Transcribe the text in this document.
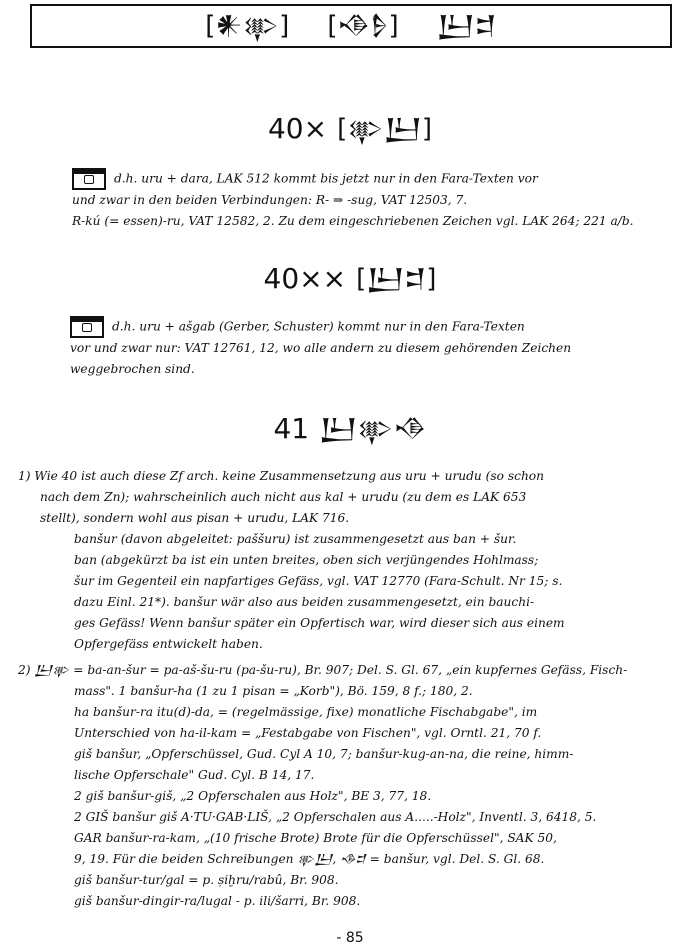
[𒀭𒉀] [𒈾𒊩] 𒌨𒄑
40× [𒉀𒌨]

d.h. uru + dara, LAK 512 kommt bis jetzt nur in den Fara-Texten vor

und zwar in den beiden Verbindungen: R- ⇒ -sug, VAT 12503, 7.

R-kú (= essen)-ru, VAT 12582, 2. Zu dem eingeschriebenen Zeichen vgl. LAK 264; 221 a/b.

40×× [𒌨𒄑]

d.h. uru + ašgab (Gerber, Schuster) kommt nur in den Fara-Texten

vor und zwar nur: VAT 12761, 12, wo alle andern zu diesem gehörenden Zeichen

weggebrochen sind.

41 𒌨𒉀𒈾

1) Wie 40 ist auch diese Zf arch. keine Zusammensetzung aus uru + urudu (so schon

nach dem Zn); wahrscheinlich auch nicht aus kal + urudu (zu dem es LAK 653

stellt), sondern wohl aus pisan + urudu, LAK 716.

banšur (davon abgeleitet: paššuru) ist zusammengesetzt aus ban + šur.

ban (abgekürzt ba ist ein unten breites, oben sich verjüngendes Hohlmass;

šur im Gegenteil ein napfartiges Gefäss, vgl. VAT 12770 (Fara-Schult. Nr 15; s.

dazu Einl. 21*). banšur wär also aus beiden zusammengesetzt, ein bauchi-

ges Gefäss! Wenn banšur später ein Opfertisch war, wird dieser sich aus einem

Opfergefäss entwickelt haben.

2) 𒌨𒉀 = ba-an-šur = pa-aš-šu-ru (pa-šu-ru), Br. 907; Del. S. Gl. 67, „ein kupfernes Gefäss, Fisch-

mass". 1 banšur-ha (1 zu 1 pisan = „Korb"), Bö. 159, 8 f.; 180, 2.

ha banšur-ra itu(d)-da, = (regelmässige, fixe) monatliche Fischabgabe", im

Unterschied von ha-il-kam = „Festabgabe von Fischen", vgl. Orntl. 21, 70 f.

giš banšur, „Opferschüssel, Gud. Cyl A 10, 7; banšur-kug-an-na, die reine, himm-

lische Opferschale" Gud. Cyl. B 14, 17.

2 giš banšur-giš, „2 Opferschalen aus Holz", BE 3, 77, 18.

2 GIŠ banšur giš A·TU·GAB·LIŠ, „2 Opferschalen aus A.....-Holz", Inventl. 3, 6418, 5.

GAR banšur-ra-kam, „(10 frische Brote) Brote für die Opferschüssel", SAK 50,

9, 19. Für die beiden Schreibungen 𒉀𒌨, 𒈾𒄑 = banšur, vgl. Del. S. Gl. 68.

giš banšur-tur/gal = p. ṣiḫru/rabû, Br. 908.

giš banšur-dingir-ra/lugal - p. ili/šarri, Br. 908.

- 85
